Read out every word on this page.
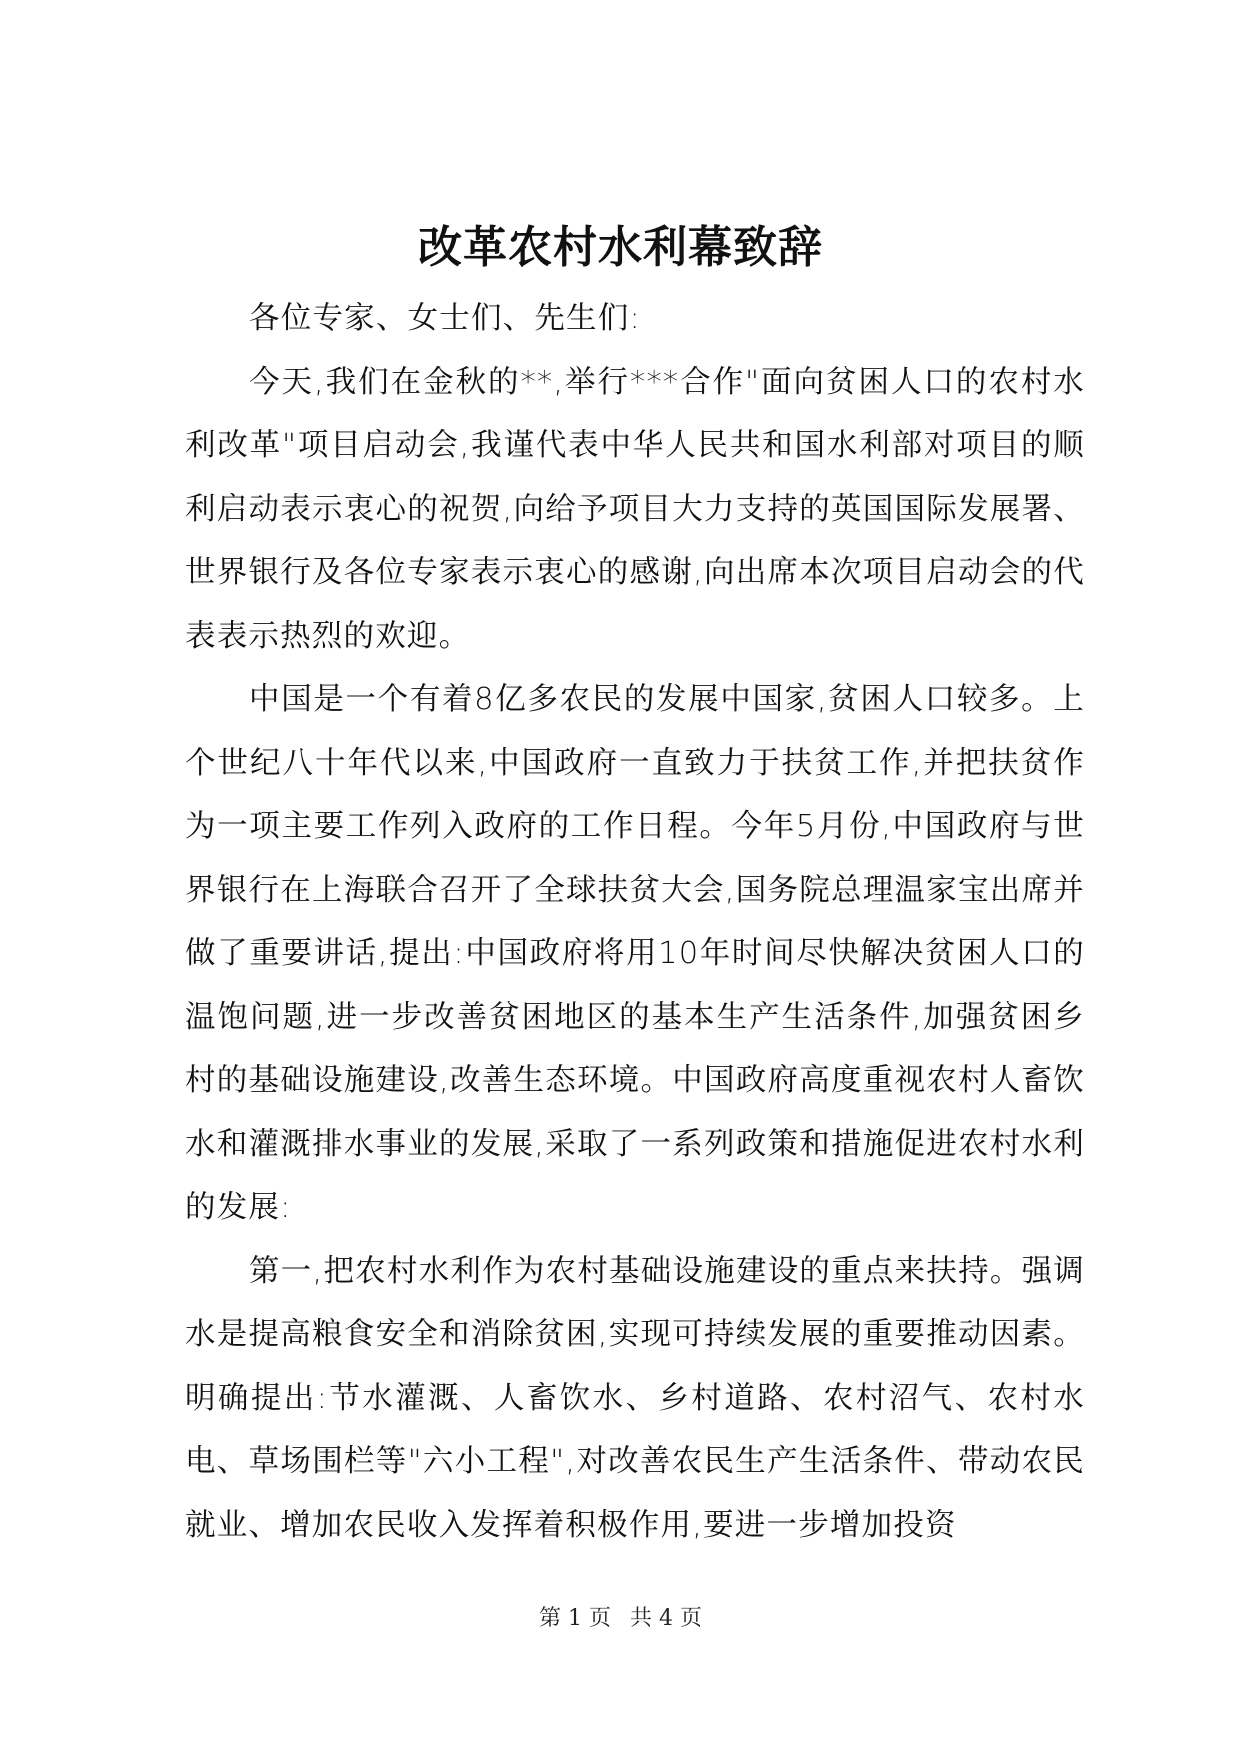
改革农村水利幕致辞

各位专家、女士们、先生们:

今天,我们在金秋的**,举行***合作"面向贫困人口的农村水利改革"项目启动会,我谨代表中华人民共和国水利部对项目的顺利启动表示衷心的祝贺,向给予项目大力支持的英国国际发展署、世界银行及各位专家表示衷心的感谢,向出席本次项目启动会的代表表示热烈的欢迎。

中国是一个有着8亿多农民的发展中国家,贫困人口较多。上个世纪八十年代以来,中国政府一直致力于扶贫工作,并把扶贫作为一项主要工作列入政府的工作日程。今年5月份,中国政府与世界银行在上海联合召开了全球扶贫大会,国务院总理温家宝出席并做了重要讲话,提出:中国政府将用10年时间尽快解决贫困人口的温饱问题,进一步改善贫困地区的基本生产生活条件,加强贫困乡村的基础设施建设,改善生态环境。中国政府高度重视农村人畜饮水和灌溉排水事业的发展,采取了一系列政策和措施促进农村水利的发展:

第一,把农村水利作为农村基础设施建设的重点来扶持。强调水是提高粮食安全和消除贫困,实现可持续发展的重要推动因素。明确提出:节水灌溉、人畜饮水、乡村道路、农村沼气、农村水电、草场围栏等"六小工程",对改善农民生产生活条件、带动农民就业、增加农民收入发挥着积极作用,要进一步增加投资

第 1 页 共 4 页
